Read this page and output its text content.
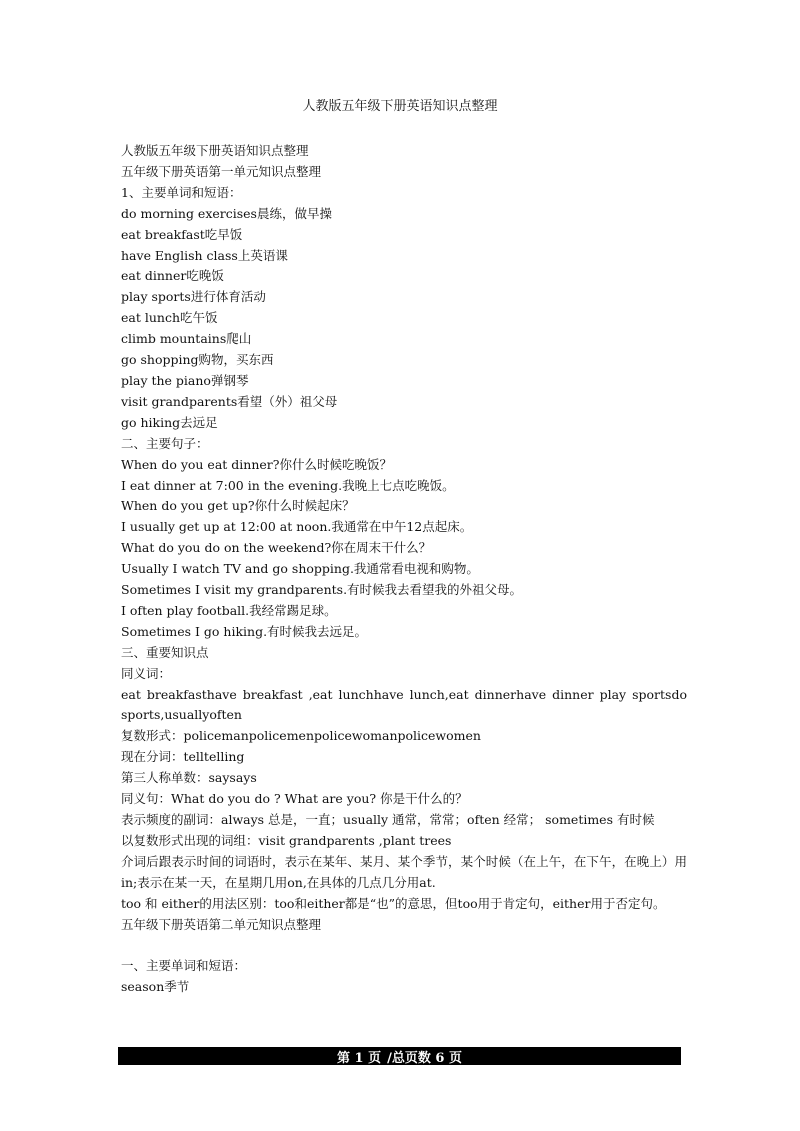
人教版五年级下册英语知识点整理
人教版五年级下册英语知识点整理
五年级下册英语第一单元知识点整理
1、主要单词和短语：
do morning exercises晨练，做早操
eat breakfast吃早饭
have English class上英语课
eat dinner吃晚饭
play sports进行体育活动
eat lunch吃午饭
climb mountains爬山
go shopping购物，买东西
play the piano弹钢琴
visit grandparents看望（外）祖父母
go hiking去远足
二、主要句子：
When do you eat dinner?你什么时候吃晚饭？
I eat dinner at 7:00 in the evening.我晚上七点吃晚饭。
When do you get up?你什么时候起床？
I usually get up at 12:00 at noon.我通常在中午12点起床。
What do you do on the weekend?你在周末干什么？
Usually I watch TV and go shopping.我通常看电视和购物。
Sometimes I visit my grandparents.有时候我去看望我的外祖父母。
I often play football.我经常踢足球。
Sometimes I go hiking.有时候我去远足。
三、重要知识点
同义词：
eat breakfasthave breakfast ,eat lunchhave lunch,eat dinnerhave dinner play sportsdo sports,usuallyoften
复数形式：policemanpolicemenpolicewomanpolicewomen
现在分词：telltelling
第三人称单数：saysays
同义句：What do you do ? What are you? 你是干什么的？
表示频度的副词：always 总是，一直；usually 通常，常常；often 经常； sometimes 有时候
以复数形式出现的词组：visit grandparents ,plant trees
介词后跟表示时间的词语时，表示在某年、某月、某个季节，某个时候（在上午，在下午，在晚上）用in;表示在某一天，在星期几用on,在具体的几点几分用at.
too 和 either的用法区别：too和either都是“也”的意思，但too用于肯定句，either用于否定句。
五年级下册英语第二单元知识点整理
一、主要单词和短语：
season季节
第 1 页 /总页数 6 页
